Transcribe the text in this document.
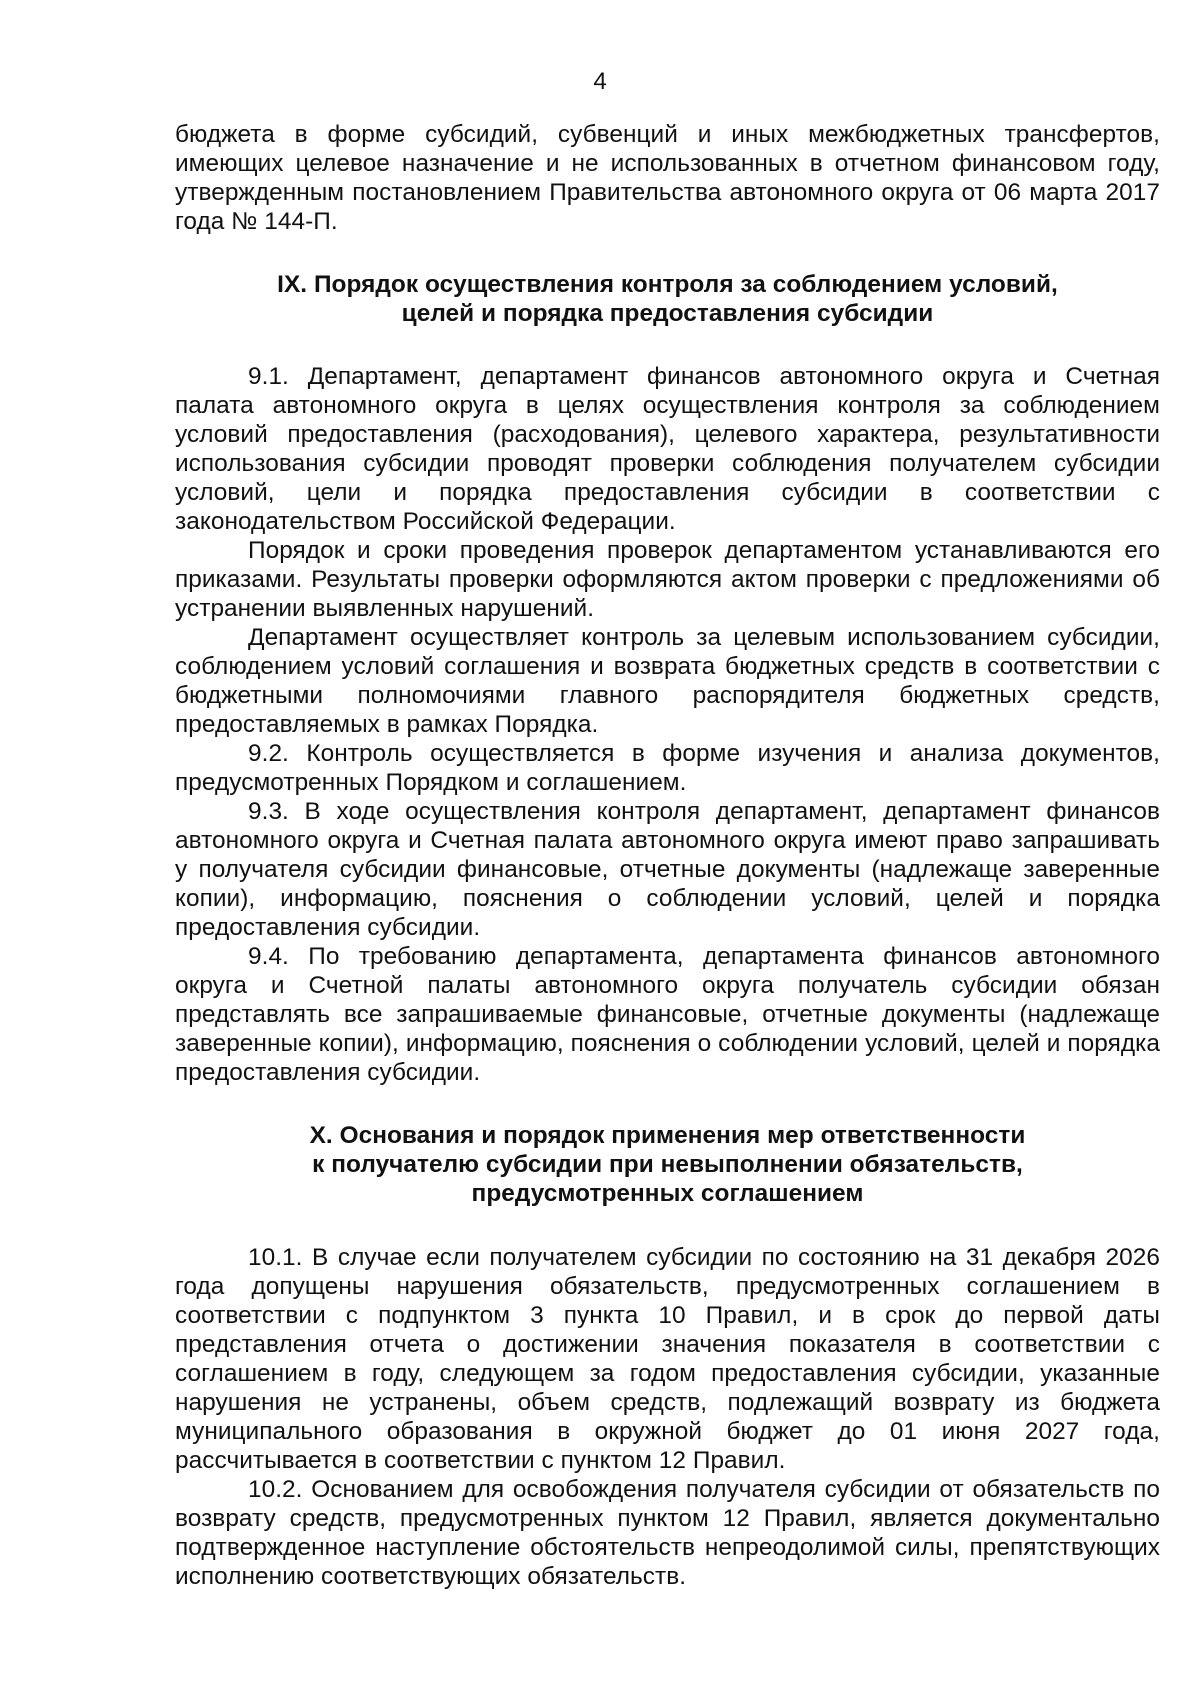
4

бюджета в форме субсидий, субвенций и иных межбюджетных трансфертов, имеющих целевое назначение и не использованных в отчетном финансовом году, утвержденным постановлением Правительства автономного округа от 06 марта 2017 года № 144-П.

IX. Порядок осуществления контроля за соблюдением условий,
целей и порядка предоставления субсидии

9.1. Департамент, департамент финансов автономного округа и Счетная палата автономного округа в целях осуществления контроля за соблюдением условий предоставления (расходования), целевого характера, результативности использования субсидии проводят проверки соблюдения получателем субсидии условий, цели и порядка предоставления субсидии в соответствии с законодательством Российской Федерации.

Порядок и сроки проведения проверок департаментом устанавливаются его приказами. Результаты проверки оформляются актом проверки с предложениями об устранении выявленных нарушений.

Департамент осуществляет контроль за целевым использованием субсидии, соблюдением условий соглашения и возврата бюджетных средств в соответствии с бюджетными полномочиями главного распорядителя бюджетных средств, предоставляемых в рамках Порядка.

9.2. Контроль осуществляется в форме изучения и анализа документов, предусмотренных Порядком и соглашением.

9.3. В ходе осуществления контроля департамент, департамент финансов автономного округа и Счетная палата автономного округа имеют право запрашивать у получателя субсидии финансовые, отчетные документы (надлежаще заверенные копии), информацию, пояснения о соблюдении условий, целей и порядка предоставления субсидии.

9.4. По требованию департамента, департамента финансов автономного округа и Счетной палаты автономного округа получатель субсидии обязан представлять все запрашиваемые финансовые, отчетные документы (надлежаще заверенные копии), информацию, пояснения о соблюдении условий, целей и порядка предоставления субсидии.

X. Основания и порядок применения мер ответственности
к получателю субсидии при невыполнении обязательств,
предусмотренных соглашением

10.1. В случае если получателем субсидии по состоянию на 31 декабря 2026 года допущены нарушения обязательств, предусмотренных соглашением в соответствии с подпунктом 3 пункта 10 Правил, и в срок до первой даты представления отчета о достижении значения показателя в соответствии с соглашением в году, следующем за годом предоставления субсидии, указанные нарушения не устранены, объем средств, подлежащий возврату из бюджета муниципального образования в окружной бюджет до 01 июня 2027 года, рассчитывается в соответствии с пунктом 12 Правил.

10.2. Основанием для освобождения получателя субсидии от обязательств по возврату средств, предусмотренных пунктом 12 Правил, является документально подтвержденное наступление обстоятельств непреодолимой силы, препятствующих исполнению соответствующих обязательств.
